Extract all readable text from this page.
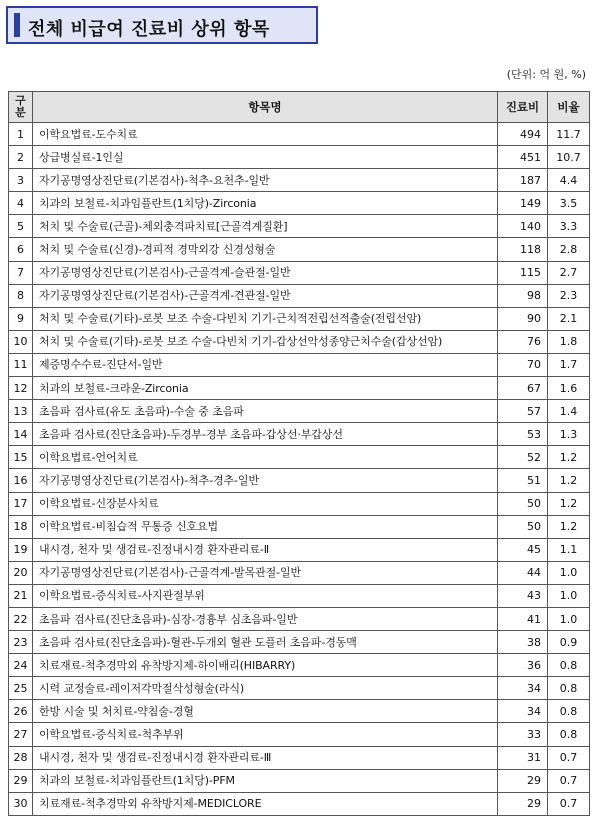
전체 비급여 진료비 상위 항목
(단위: 억 원, %)
구
분	항목명	진료비	비율
1	이학요법료-도수치료	494	11.7
2	상급병실료-1인실	451	10.7
3	자기공명영상진단료(기본검사)-척추-요천추-일반	187	4.4
4	치과의 보철료-치과임플란트(1치당)-Zirconia	149	3.5
5	처치 및 수술료(근골)-체외충격파치료[근골격계질환]	140	3.3
6	처치 및 수술료(신경)-경피적 경막외강 신경성형술	118	2.8
7	자기공명영상진단료(기본검사)-근골격계-슬관절-일반	115	2.7
8	자기공명영상진단료(기본검사)-근골격계-견관절-일반	98	2.3
9	처치 및 수술료(기타)-로봇 보조 수술-다빈치 기기-근치적전립선적출술(전립선암)	90	2.1
10	처치 및 수술료(기타)-로봇 보조 수술-다빈치 기기-갑상선악성종양근치수술(갑상선암)	76	1.8
11	제증명수수료-진단서-일반	70	1.7
12	치과의 보철료-크라운-Zirconia	67	1.6
13	초음파 검사료(유도 초음파)-수술 중 초음파	57	1.4
14	초음파 검사료(진단초음파)-두경부-경부 초음파-갑상선·부갑상선	53	1.3
15	이학요법료-언어치료	52	1.2
16	자기공명영상진단료(기본검사)-척추-경추-일반	51	1.2
17	이학요법료-신장분사치료	50	1.2
18	이학요법료-비침습적 무통증 신호요법	50	1.2
19	내시경, 천자 및 생검료-진정내시경 환자관리료-Ⅱ	45	1.1
20	자기공명영상진단료(기본검사)-근골격계-발목관절-일반	44	1.0
21	이학요법료-증식치료-사지관절부위	43	1.0
22	초음파 검사료(진단초음파)-심장-경흉부 심초음파-일반	41	1.0
23	초음파 검사료(진단초음파)-혈관-두개외 혈관 도플러 초음파-경동맥	38	0.9
24	치료재료-척추경막외 유착방지제-하이배리(HIBARRY)	36	0.8
25	시력 교정술료-레이저각막절삭성형술(라식)	34	0.8
26	한방 시술 및 처치료-약침술-경혈	34	0.8
27	이학요법료-증식치료-척추부위	33	0.8
28	내시경, 천자 및 생검료-진정내시경 환자관리료-Ⅲ	31	0.7
29	치과의 보철료-치과임플란트(1치당)-PFM	29	0.7
30	치료재료-척추경막외 유착방지제-MEDICLORE	29	0.7
